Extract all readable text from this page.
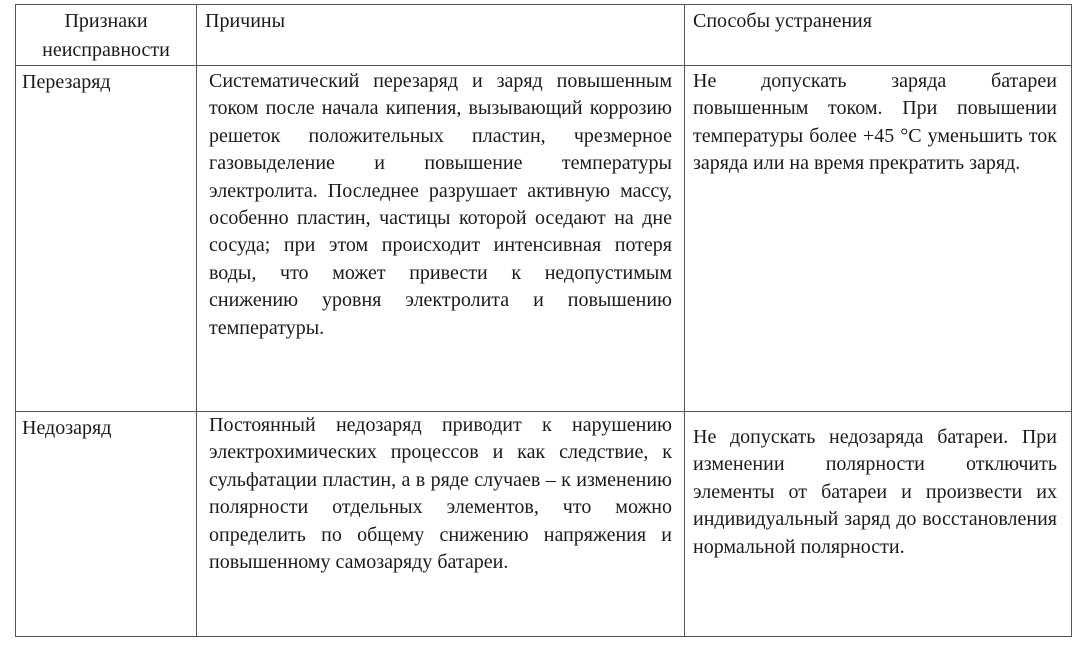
Признаки неисправности	Причины	Способы устранения

Перезаряд	Систематический перезаряд и заряд повышенным током после начала кипения, вызывающий коррозию решеток положительных пластин, чрезмерное газовыделение и повышение температуры электролита. Последнее разрушает активную массу, особенно пластин, частицы которой оседают на дне сосуда; при этом происходит интенсивная потеря воды, что может привести к недопустимым снижению уровня электролита и повышению температуры.	Не допускать заряда батареи повышенным током. При повышении температуры более +45 °С уменьшить ток заряда или на время прекратить заряд.

Недозаряд	Постоянный недозаряд приводит к нарушению электрохимических процессов и как следствие, к сульфатации пластин, а в ряде случаев – к изменению полярности отдельных элементов, что можно определить по общему снижению напряжения и повышенному самозаряду батареи.	Не допускать недозаряда батареи. При изменении полярности отключить элементы от батареи и произвести их индивидуальный заряд до восстановления нормальной полярности.
